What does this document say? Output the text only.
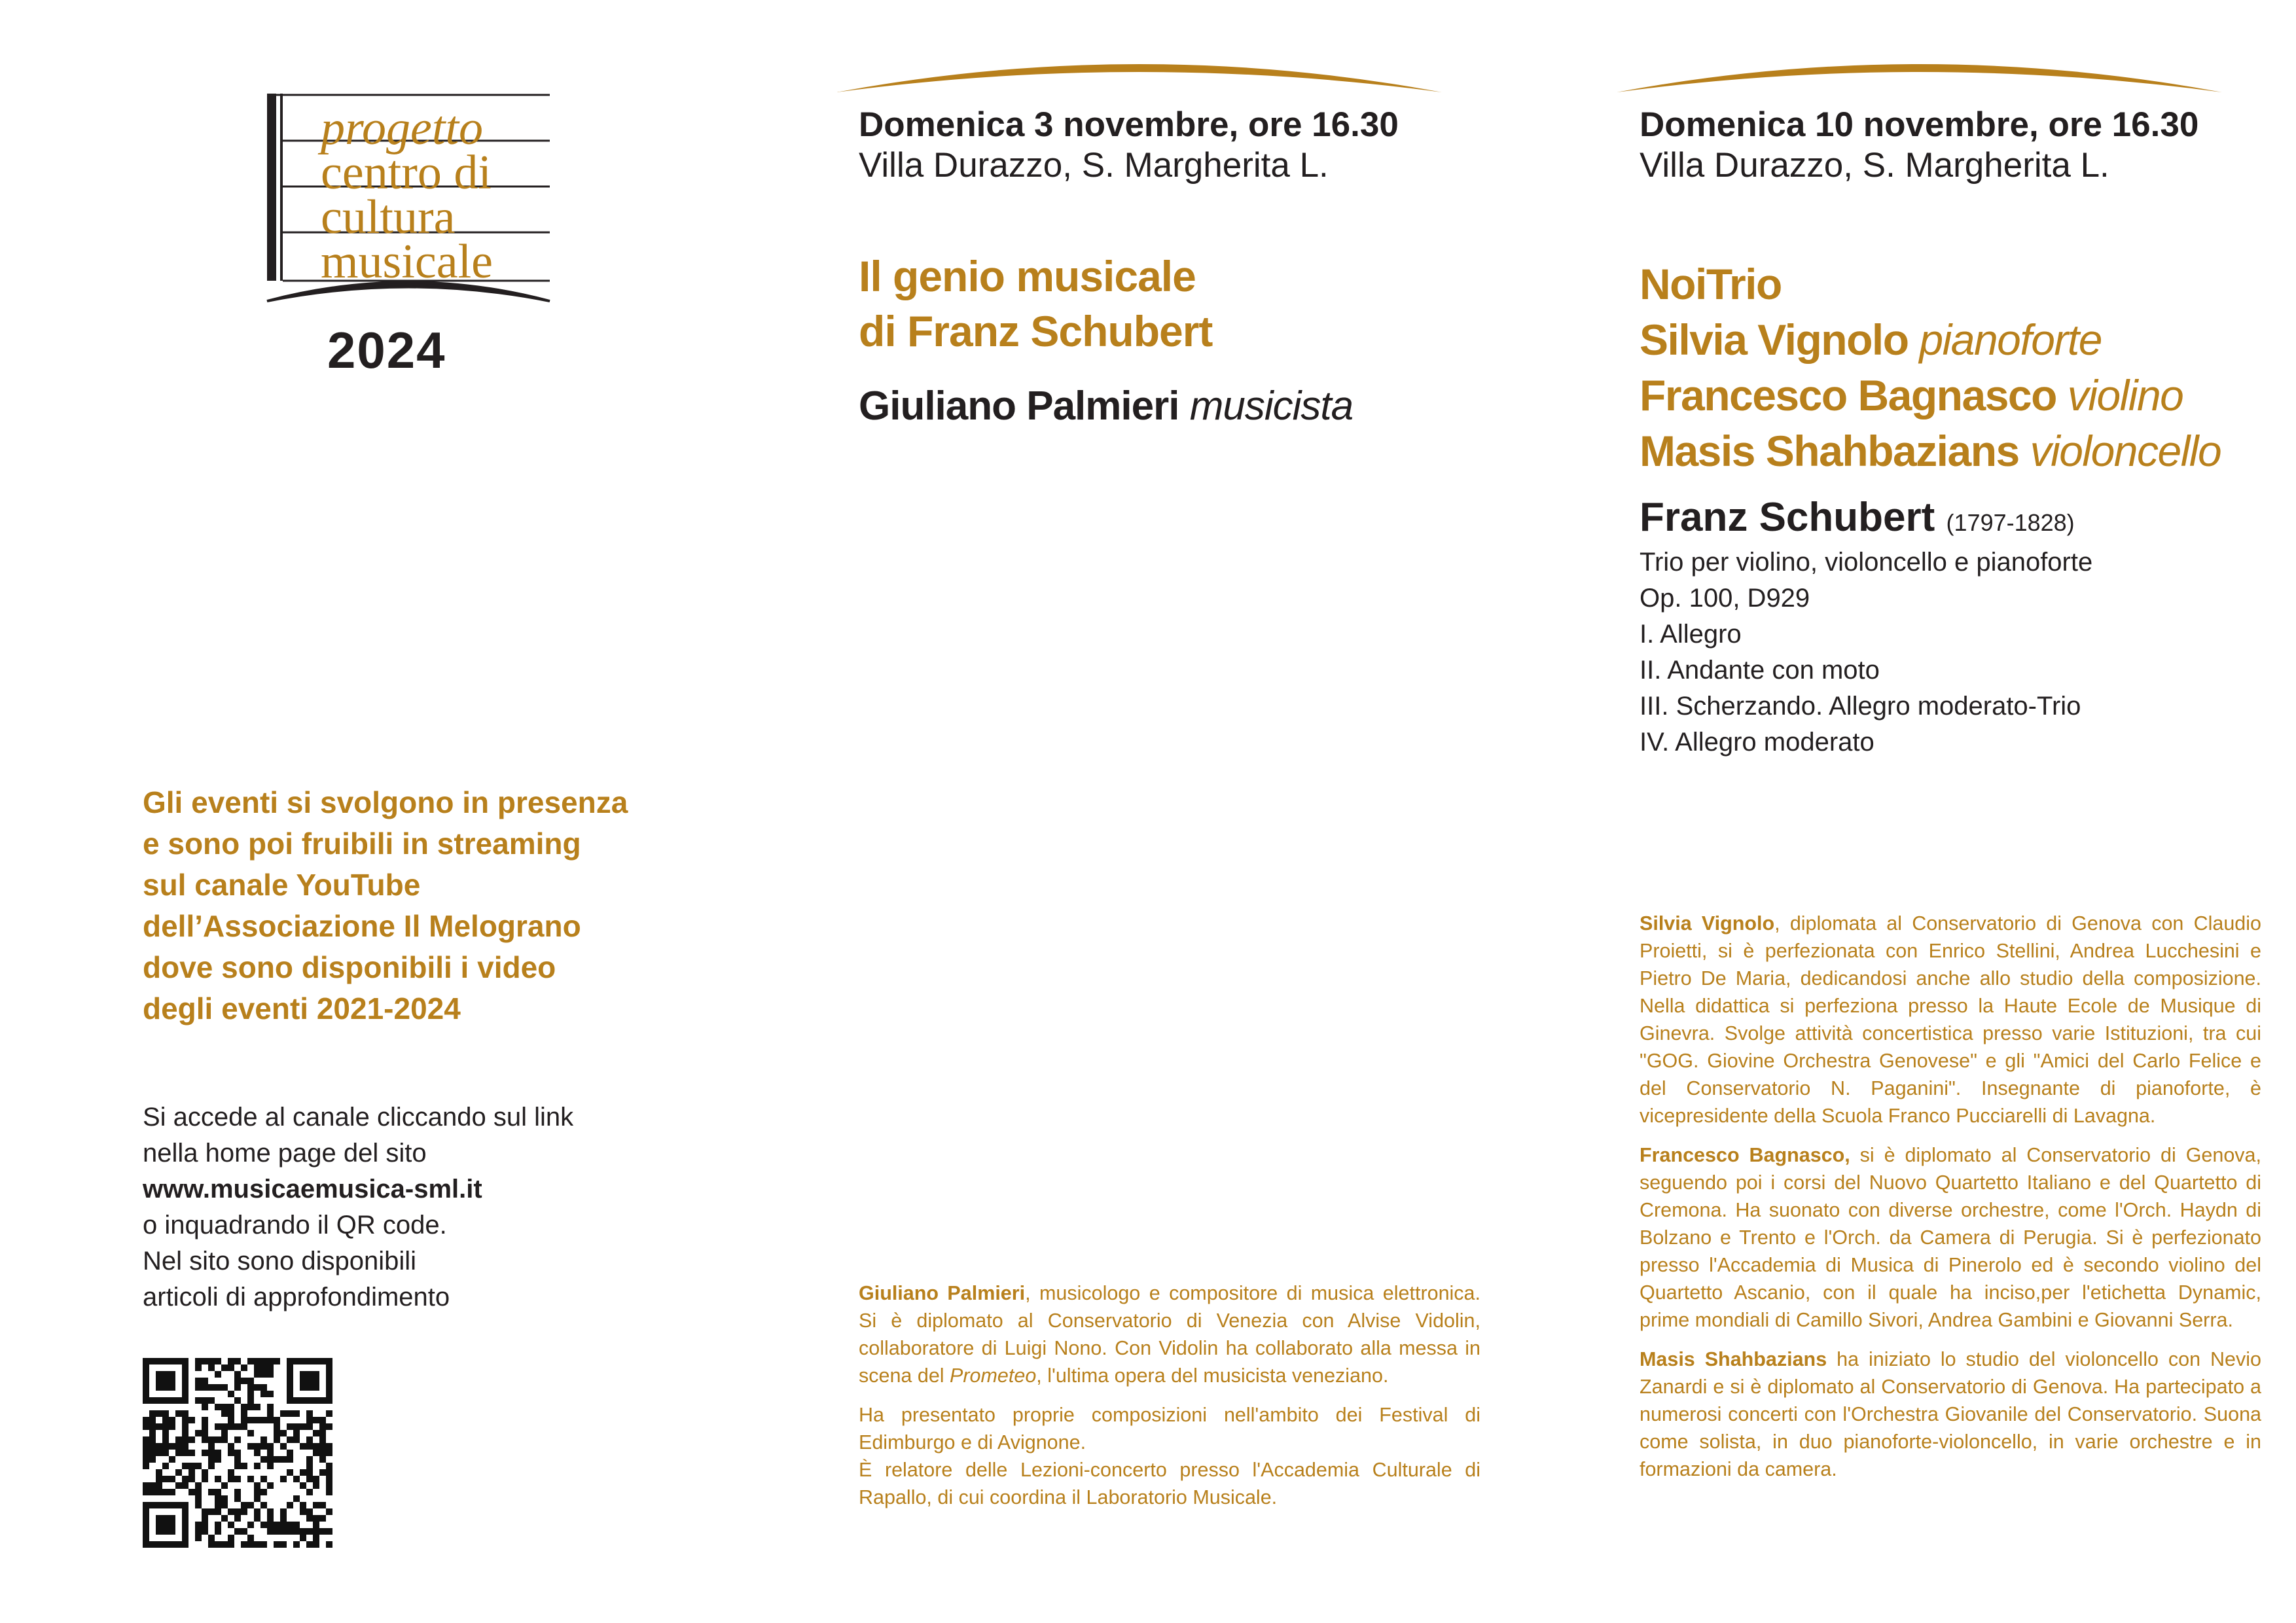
progetto
centro di
cultura
musicale
2024
Gli eventi si svolgono in presenza
e sono poi fruibili in streaming
sul canale YouTube
dell’Associazione Il Melograno
dove sono disponibili i video
degli eventi 2021-2024
Si accede al canale cliccando sul link
nella home page del sito
www.musicaemusica-sml.it
o inquadrando il QR code.
Nel sito sono disponibili
articoli di approfondimento
Domenica 3 novembre, ore 16.30
Villa Durazzo, S. Margherita L.
Il genio musicale
di Franz Schubert
Giuliano Palmieri musicista

Giuliano Palmieri, musicologo e compositore di musica elettronica. Si è diplomato al Conservatorio di Venezia con Alvise Vidolin, collaboratore di Luigi Nono. Con Vidolin ha collaborato alla messa in scena del Prometeo, l'ultima opera del musicista veneziano.

Ha presentato proprie composizioni nell'ambito dei Festival di Edimburgo e di Avignone.

È relatore delle Lezioni-concerto presso l'Accademia Culturale di Rapallo, di cui coordina il Laboratorio Musicale.

Domenica 10 novembre, ore 16.30
Villa Durazzo, S. Margherita L.
NoiTrio
Silvia Vignolo pianoforte
Francesco Bagnasco violino
Masis Shahbazians violoncello
Franz Schubert (1797-1828)
Trio per violino, violoncello e pianoforte
Op. 100, D929
I. Allegro
II. Andante con moto
III. Scherzando. Allegro moderato-Trio
IV. Allegro moderato

Silvia Vignolo, diplomata al Conservatorio di Genova con Claudio Proietti, si è perfezionata con Enrico Stellini, Andrea Lucchesini e Pietro De Maria, dedicandosi anche allo studio della composizione. Nella didattica si perfeziona presso la Haute Ecole de Musique di Ginevra. Svolge attività concertistica presso varie Istituzioni, tra cui "GOG. Giovine Orchestra Genovese" e gli "Amici del Carlo Felice e del Conservatorio N. Paganini". Insegnante di pianoforte, è vicepresidente della Scuola Franco Pucciarelli di Lavagna.

Francesco Bagnasco, si è diplomato al Conservatorio di Genova, seguendo poi i corsi del Nuovo Quartetto Italiano e del Quartetto di Cremona. Ha suonato con diverse orchestre, come l'Orch. Haydn di Bolzano e Trento e l'Orch. da Camera di Perugia. Si è perfezionato presso l'Accademia di Musica di Pinerolo ed è secondo violino del Quartetto Ascanio, con il quale ha inciso,per l'etichetta Dynamic, prime mondiali di Camillo Sivori, Andrea Gambini e Giovanni Serra.

Masis Shahbazians ha iniziato lo studio del violoncello con Nevio Zanardi e si è diplomato al Conservatorio di Genova. Ha partecipato a numerosi concerti con l'Orchestra Giovanile del Conservatorio. Suona come solista, in duo pianoforte-violoncello, in varie orchestre e in formazioni da camera.
